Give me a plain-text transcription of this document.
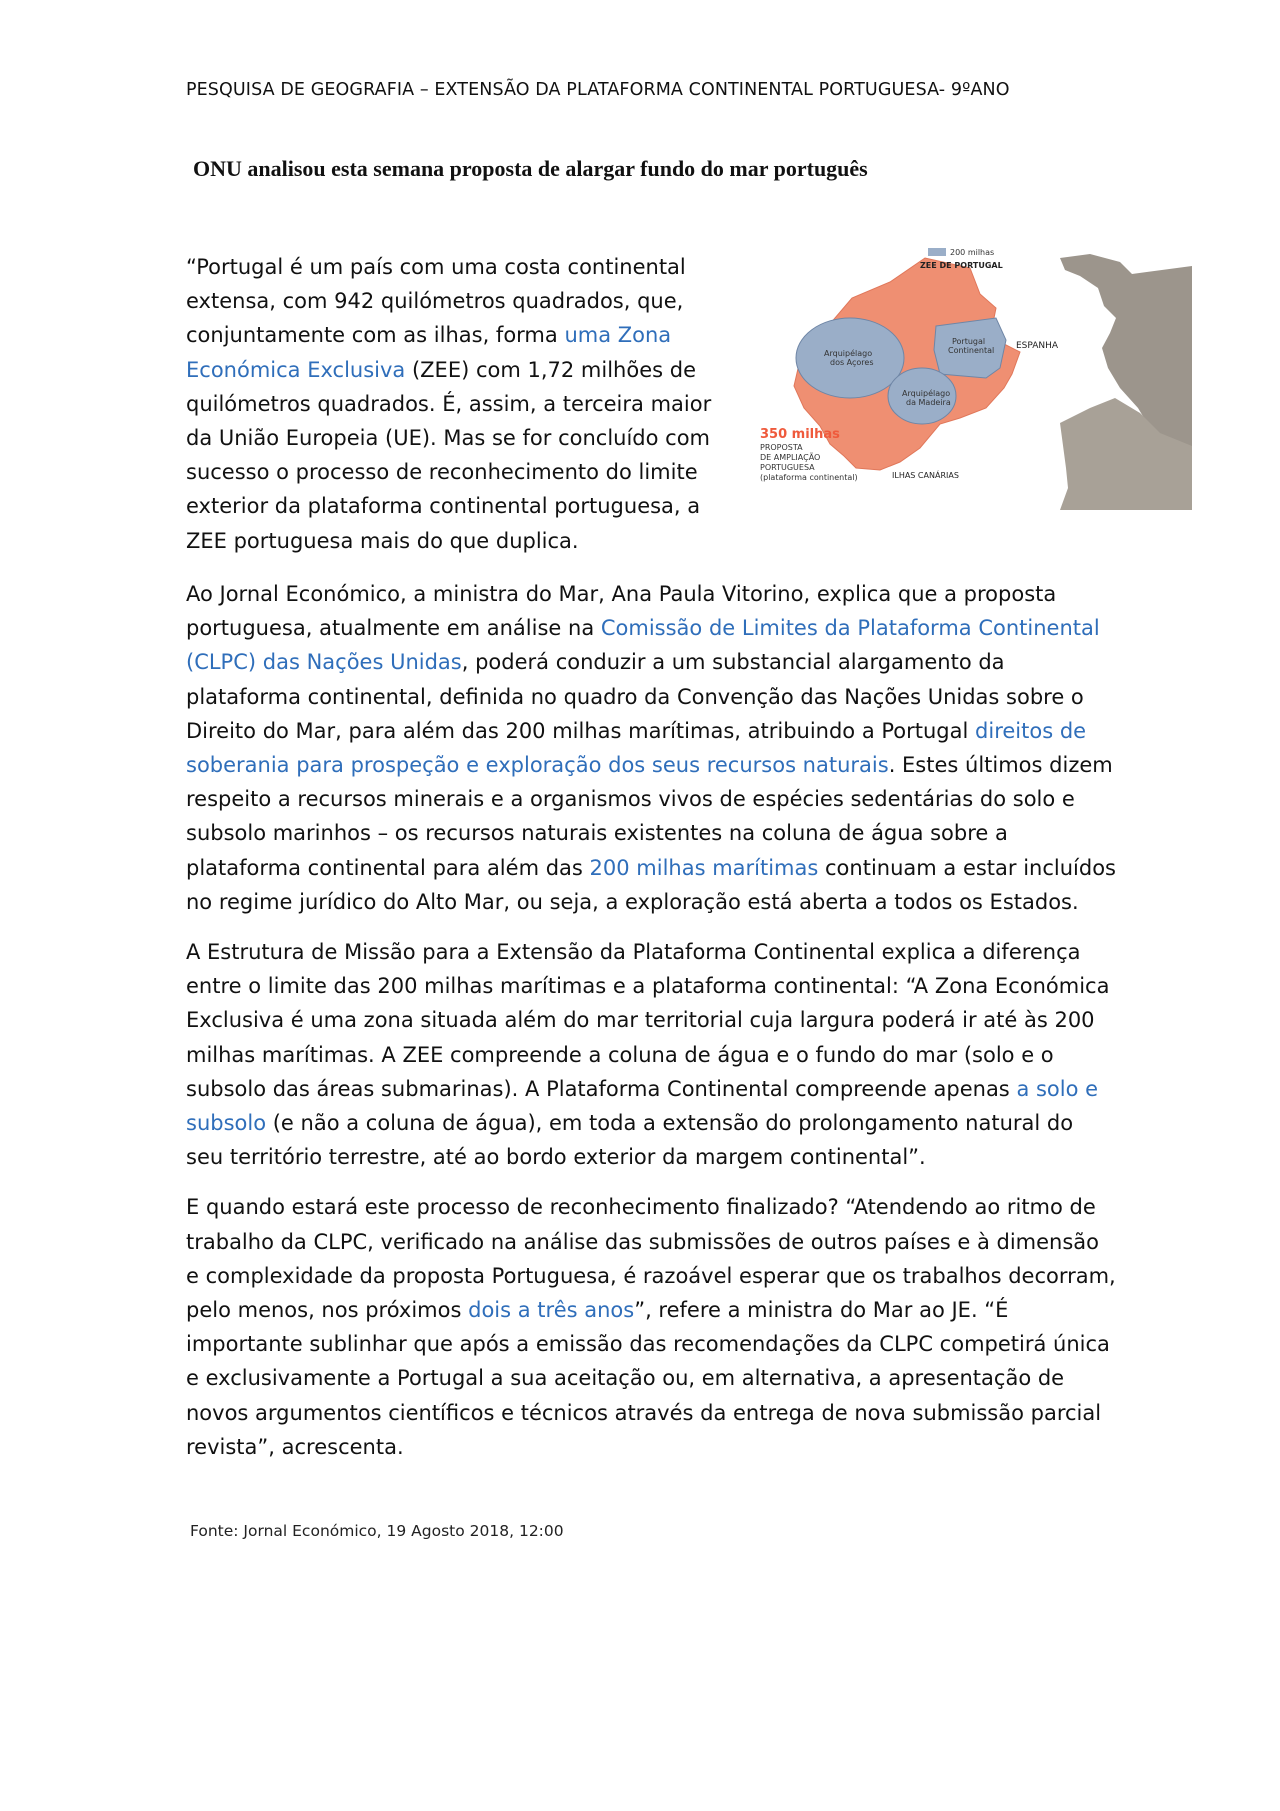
PESQUISA DE GEOGRAFIA – EXTENSÃO DA PLATAFORMA CONTINENTAL PORTUGUESA- 9ºANO
ONU analisou esta semana proposta de alargar fundo do mar português
“Portugal é um país com uma costa continental extensa, com 942 quilómetros quadrados, que, conjuntamente com as ilhas, forma uma Zona Económica Exclusiva (ZEE) com 1,72 milhões de quilómetros quadrados. É, assim, a terceira maior da União Europeia (UE). Mas se for concluído com sucesso o processo de reconhecimento do limite exterior da plataforma continental portuguesa, a ZEE portuguesa mais do que duplica.
200 milhas
ZEE DE PORTUGAL
ESPANHA
Arquipélago
dos Açores
Portugal
Continental
Arquipélago
da Madeira
ILHAS CANÁRIAS
350 milhas
PROPOSTA
DE AMPLIAÇÃO
PORTUGUESA
(plataforma continental)

Ao Jornal Económico, a ministra do Mar, Ana Paula Vitorino, explica que a proposta portuguesa, atualmente em análise na Comissão de Limites da Plataforma Continental (CLPC) das Nações Unidas, poderá conduzir a um substancial alargamento da plataforma continental, definida no quadro da Convenção das Nações Unidas sobre o Direito do Mar, para além das 200 milhas marítimas, atribuindo a Portugal direitos de soberania para prospeção e exploração dos seus recursos naturais. Estes últimos dizem respeito a recursos minerais e a organismos vivos de espécies sedentárias do solo e subsolo marinhos – os recursos naturais existentes na coluna de água sobre a plataforma continental para além das 200 milhas marítimas continuam a estar incluídos no regime jurídico do Alto Mar, ou seja, a exploração está aberta a todos os Estados.

A Estrutura de Missão para a Extensão da Plataforma Continental explica a diferença entre o limite das 200 milhas marítimas e a plataforma continental: “A Zona Económica Exclusiva é uma zona situada além do mar territorial cuja largura poderá ir até às 200 milhas marítimas. A ZEE compreende a coluna de água e o fundo do mar (solo e o subsolo das áreas submarinas). A Plataforma Continental compreende apenas a solo e subsolo (e não a coluna de água), em toda a extensão do prolongamento natural do seu território terrestre, até ao bordo exterior da margem continental”.

E quando estará este processo de reconhecimento finalizado? “Atendendo ao ritmo de trabalho da CLPC, verificado na análise das submissões de outros países e à dimensão e complexidade da proposta Portuguesa, é razoável esperar que os trabalhos decorram, pelo menos, nos próximos dois a três anos”, refere a ministra do Mar ao JE. “É importante sublinhar que após a emissão das recomendações da CLPC competirá única e exclusivamente a Portugal a sua aceitação ou, em alternativa, a apresentação de novos argumentos científicos e técnicos através da entrega de nova submissão parcial revista”, acrescenta.

Fonte: Jornal Económico, 19 Agosto 2018, 12:00
